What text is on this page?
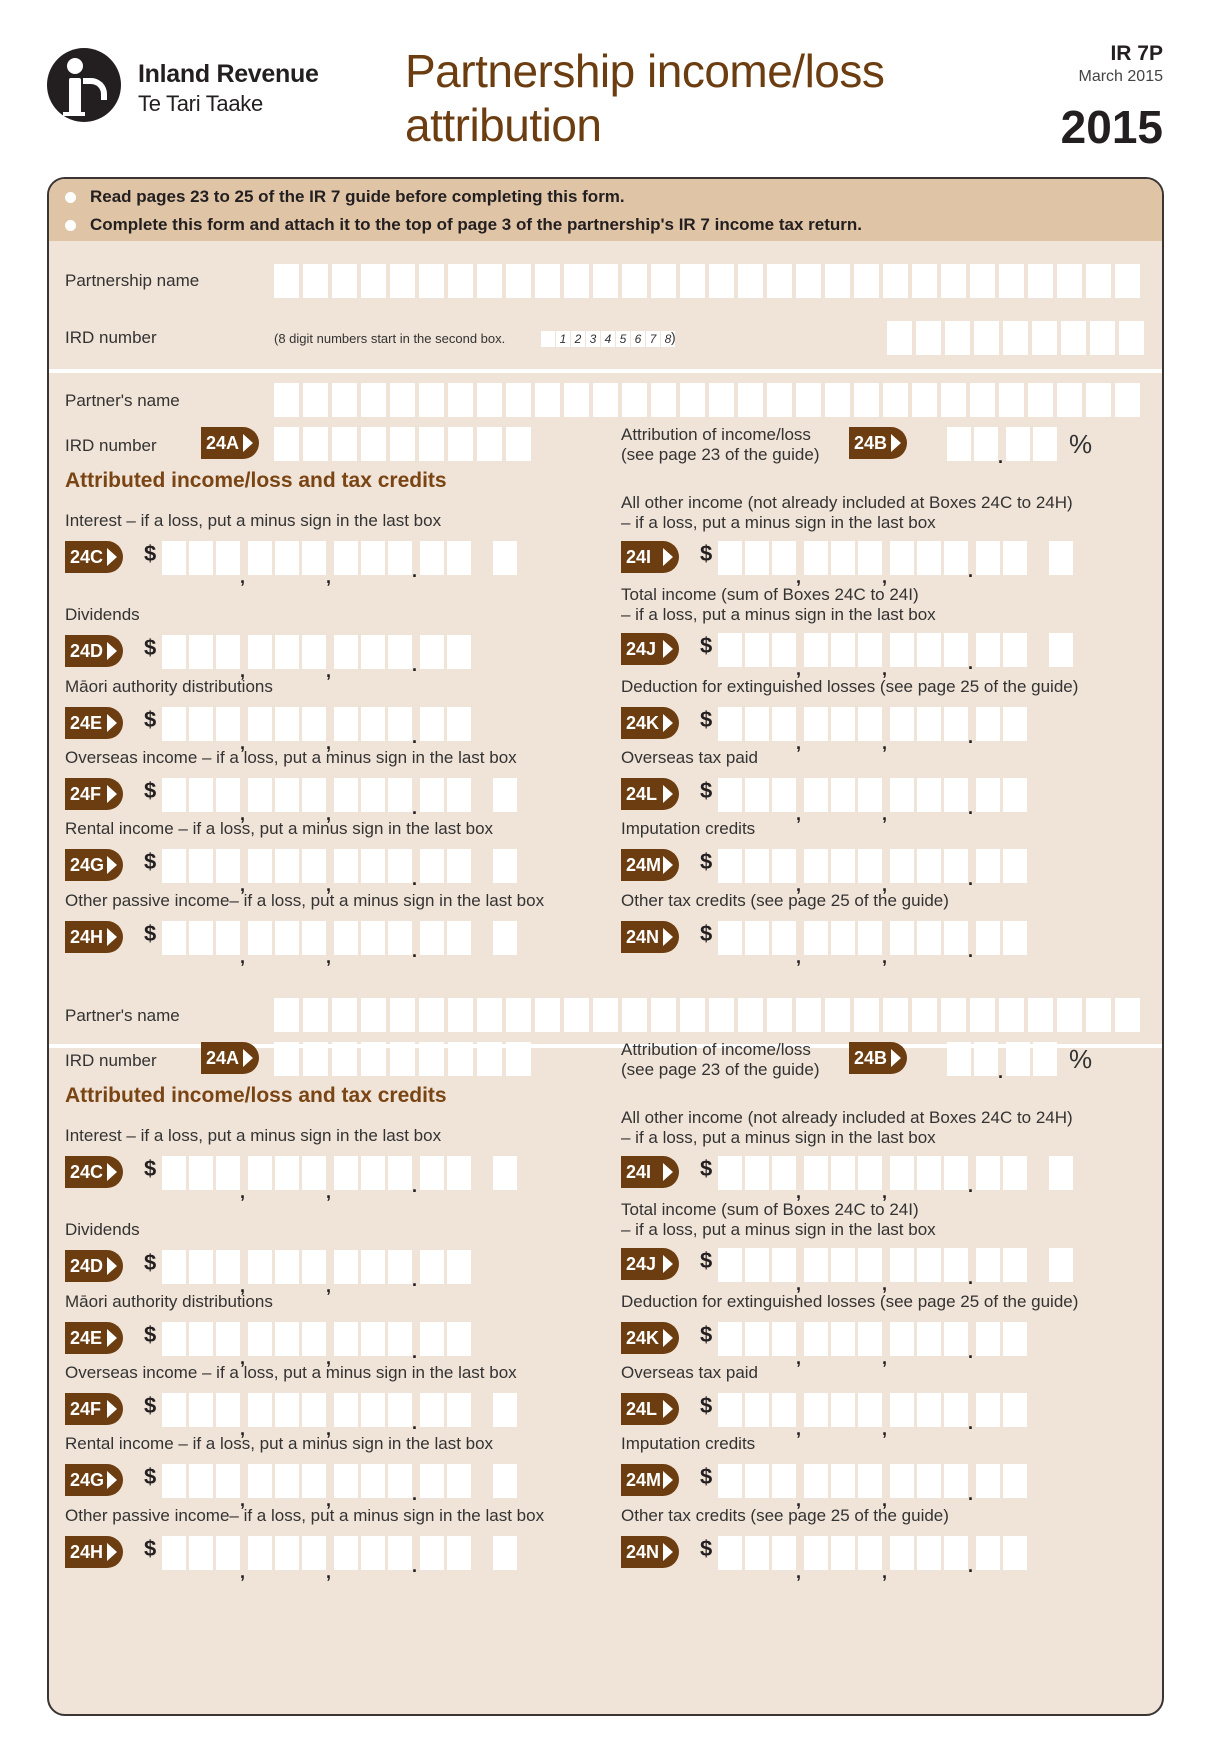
Inland Revenue
Te Tari Taake
Partnership income/loss
attribution
IR 7P
March 2015
2015
Read pages 23 to 25 of the IR 7 guide before completing this form.
Complete this form and attach it to the top of page 3 of the partnership's IR 7 income tax return.
Partnership name
IRD number	(8 digit numbers start in the second box.	1 2 3 4 5 6 7 8 )
Partner's name
IRD number	24A	Attribution of income/loss
(see page 23 of the guide)
24B
.	%
Attributed income/loss and tax credits
Interest – if a loss, put a minus sign in the last box
24C	$
,	,	.
Dividends
24D	$
,	,	.
Māori authority distributions
24E	$
,	,	.
Overseas income – if a loss, put a minus sign in the last box
24F	$
,	,	.
Rental income – if a loss, put a minus sign in the last box
24G	$
,	,	.
Other passive income– if a loss, put a minus sign in the last box
24H	$
,	,	.
All other income (not already included at Boxes 24C to 24H)
– if a loss, put a minus sign in the last box
24I	$
,	,	.
Total income (sum of Boxes 24C to 24I)
– if a loss, put a minus sign in the last box
24J	$
,	,	.
Deduction for extinguished losses (see page 25 of the guide)
24K	$
,	,	.
Overseas tax paid
24L	$
,	,	.
Imputation credits
24M	$
,	,	.
Other tax credits (see page 25 of the guide)
24N	$
,	,	.
Partner's name
IRD number	24A	Attribution of income/loss
(see page 23 of the guide)
24B
.	%
Attributed income/loss and tax credits
Interest – if a loss, put a minus sign in the last box
24C	$
,	,	.
Dividends
24D	$
,	,	.
Māori authority distributions
24E	$
,	,	.
Overseas income – if a loss, put a minus sign in the last box
24F	$
,	,	.
Rental income – if a loss, put a minus sign in the last box
24G	$
,	,	.
Other passive income– if a loss, put a minus sign in the last box
24H	$
,	,	.
All other income (not already included at Boxes 24C to 24H)
– if a loss, put a minus sign in the last box
24I	$
,	,	.
Total income (sum of Boxes 24C to 24I)
– if a loss, put a minus sign in the last box
24J	$
,	,	.
Deduction for extinguished losses (see page 25 of the guide)
24K	$
,	,	.
Overseas tax paid
24L	$
,	,	.
Imputation credits
24M	$
,	,	.
Other tax credits (see page 25 of the guide)
24N	$
,	,	.
